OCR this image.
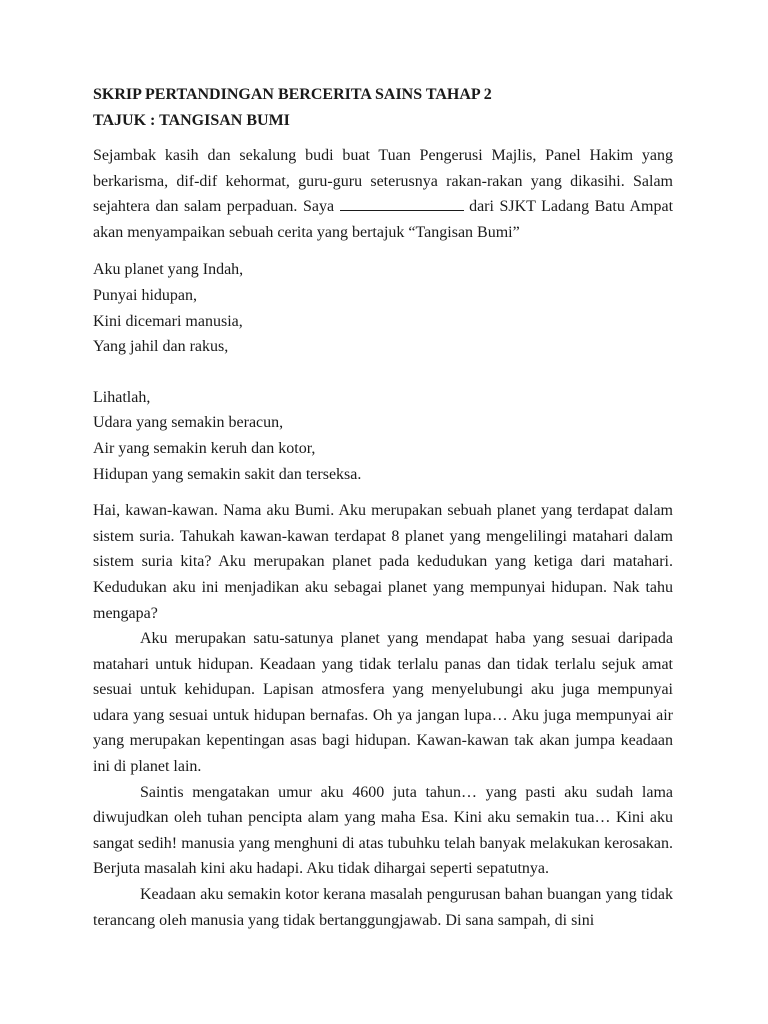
SKRIP PERTANDINGAN BERCERITA SAINS TAHAP 2

TAJUK : TANGISAN BUMI

Sejambak kasih dan sekalung budi buat Tuan Pengerusi Majlis, Panel Hakim yang berkarisma, dif-dif kehormat, guru-guru seterusnya rakan-rakan yang dikasihi. Salam sejahtera dan salam perpaduan. Saya	dari SJKT Ladang Batu Ampat akan menyampaikan sebuah cerita yang bertajuk “Tangisan Bumi”

Aku planet yang Indah,
Punyai hidupan,
Kini dicemari manusia,
Yang jahil dan rakus,
Lihatlah,
Udara yang semakin beracun,
Air yang semakin keruh dan kotor,
Hidupan yang semakin sakit dan terseksa.

Hai, kawan-kawan. Nama aku Bumi. Aku merupakan sebuah planet yang terdapat dalam sistem suria. Tahukah kawan-kawan terdapat 8 planet yang mengelilingi matahari dalam sistem suria kita? Aku merupakan planet pada kedudukan yang ketiga dari matahari. Kedudukan aku ini menjadikan aku sebagai planet yang mempunyai hidupan. Nak tahu mengapa?

Aku merupakan satu-satunya planet yang mendapat haba yang sesuai daripada matahari untuk hidupan. Keadaan yang tidak terlalu panas dan tidak terlalu sejuk amat sesuai untuk kehidupan. Lapisan atmosfera yang menyelubungi aku juga mempunyai udara yang sesuai untuk hidupan bernafas. Oh ya jangan lupa… Aku juga mempunyai air yang merupakan kepentingan asas bagi hidupan. Kawan-kawan tak akan jumpa keadaan ini di planet lain.

Saintis mengatakan umur aku 4600 juta tahun… yang pasti aku sudah lama diwujudkan oleh tuhan pencipta alam yang maha Esa. Kini aku semakin tua… Kini aku sangat sedih! manusia yang menghuni di atas tubuhku telah banyak melakukan kerosakan. Berjuta masalah kini aku hadapi. Aku tidak dihargai seperti sepatutnya.

Keadaan aku semakin kotor kerana masalah pengurusan bahan buangan yang tidak terancang oleh manusia yang tidak bertanggungjawab. Di sana sampah, di sini
